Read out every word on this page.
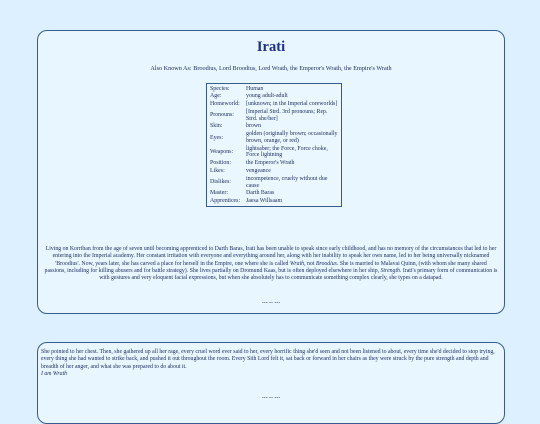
Irati
Also Known As: Broodius, Lord Broodius, Lord Wrath, the Emperor's Wrath, the Empire's Wrath
Species:	Human
Age:	young adult-adult
Homeworld:	[unknown; in the Imperial coreworlds]
Pronouns:	[Imperial Strd. 3rd pronouns; Rep. Strd. she/her]
Skin:	brown
Eyes:	golden (originally brown; occasionally brown, orange, or red)
Weapons:	lightsaber; the Force, Force choke, Force lightning
Position:	the Emperor's Wrath
Likes:	vengeance
Dislikes:	incompetence, cruelty without due cause
Master:	Darth Baras
Apprentices:	Jaesa Willsaam
Living on Korriban from the age of seven until becoming apprenticed to Darth Baras, Irati has been unable to speak since early childhood, and has no memory of the circumstances that led to her entering into the Imperial academy. Her constant irritation with everyone and everything around her, along with her inability to speak her own name, led to her being universally nicknamed 'Broodius'. Now, years later, she has carved a place for herself in the Empire, one where she is called Wrath, not Broodius. She is married to Malavai Quinn, (with whom she many shared passions, including for killing abusers and for battle strategy). She lives partially on Dromund Kaas, but is often deployed elsewhere in her ship, Strength. Irati's primary form of communication is with gestures and very eloquent facial expressions, but when she absolutely has to communicate something complex clearly, she types on a datapad.
--- -- ---
She pointed to her chest. Then, she gathered up all her rage, every cruel word ever said to her, every horrific thing she'd seen and not been listened to about, every time she'd decided to stop trying, every thing she had wanted to strike back, and pushed it out throughout the room. Every Sith Lord felt it, sat back or forward in her chairs as they were struck by the pure strength and depth and breadth of her anger, and what she was prepared to do about it.
I am Wrath
--- -- ---
